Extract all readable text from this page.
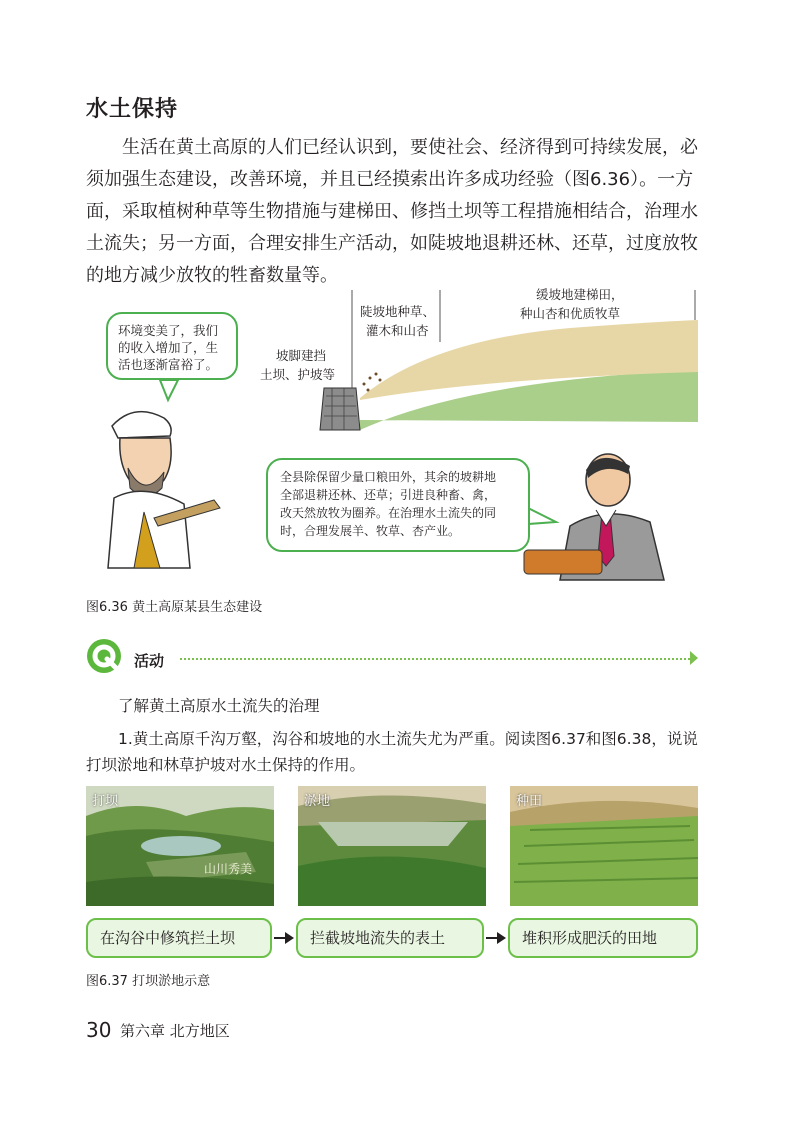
水土保持
生活在黄土高原的人们已经认识到，要使社会、经济得到可持续发展，必
须加强生态建设，改善环境，并且已经摸索出许多成功经验（图6.36）。一方
面，采取植树种草等生物措施与建梯田、修挡土坝等工程措施相结合，治理水
土流失；另一方面，合理安排生产活动，如陡坡地退耕还林、还草，过度放牧
的地方减少放牧的牲畜数量等。
坡脚建挡
土坝、护坡等
陡坡地种草、
灌木和山杏
缓坡地建梯田，
种山杏和优质牧草
环境变美了，我们
的收入增加了，生
活也逐渐富裕了。
全县除保留少量口粮田外，其余的坡耕地
全部退耕还林、还草；引进良种畜、禽，
改天然放牧为圈养。在治理水土流失的同
时，合理发展羊、牧草、杏产业。
图6.36 黄土高原某县生态建设
活动
了解黄土高原水土流失的治理
1.黄土高原千沟万壑，沟谷和坡地的水土流失尤为严重。阅读图6.37和图6.38，说说
打坝淤地和林草护坡对水土保持的作用。
打坝
山川秀美
淤地	种田
在沟谷中修筑拦土坝	拦截坡地流失的表土	堆积形成肥沃的田地
图6.37 打坝淤地示意
30 第六章 北方地区
